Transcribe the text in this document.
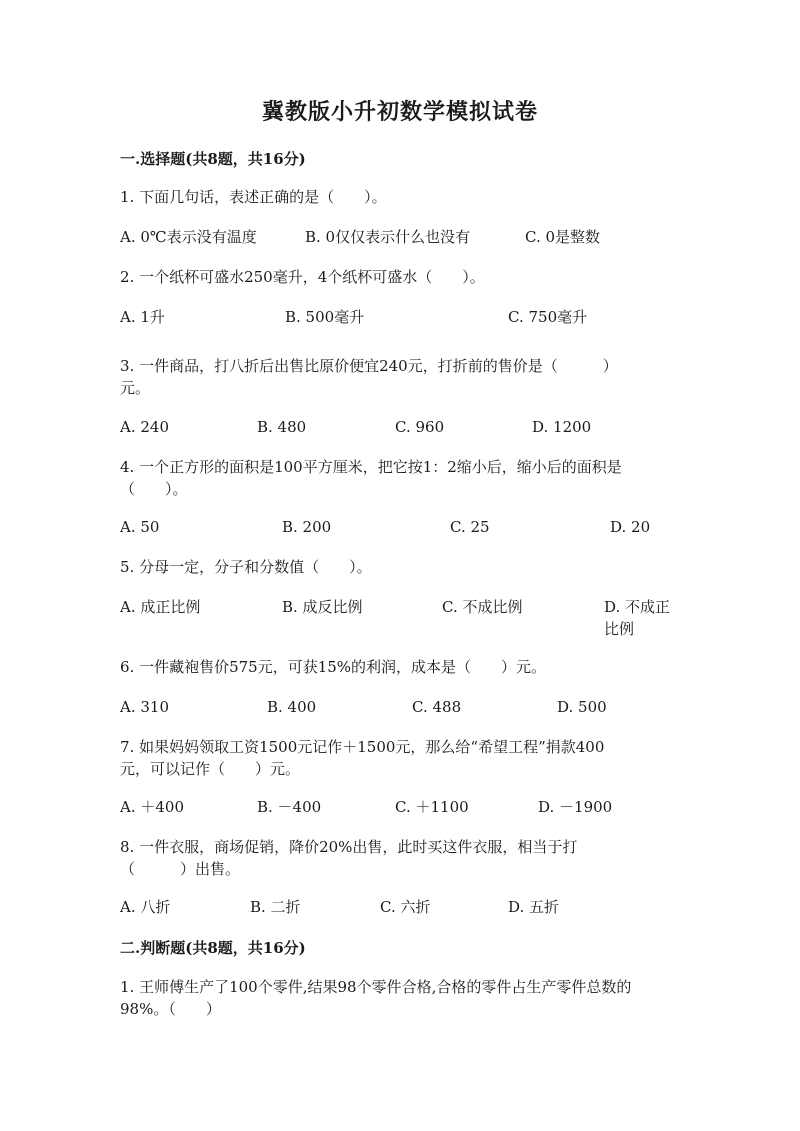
冀教版小升初数学模拟试卷
一.选择题(共8题，共16分)
1. 下面几句话，表述正确的是（　　）。
A. 0℃表示没有温度	B. 0仅仅表示什么也没有	C. 0是整数
2. 一个纸杯可盛水250毫升，4个纸杯可盛水（　　）。
A. 1升	B. 500毫升	C. 750毫升
3. 一件商品，打八折后出售比原价便宜240元，打折前的售价是（　　　）
元。
A. 240	B. 480	C. 960	D. 1200
4. 一个正方形的面积是100平方厘米，把它按1：2缩小后，缩小后的面积是
（　　）。
A. 50	B. 200	C. 25	D. 20
5. 分母一定，分子和分数值（　　）。
A. 成正比例	B. 成反比例	C. 不成比例	D. 不成正比例
6. 一件藏袍售价575元，可获15%的利润，成本是（　　）元。
A. 310	B. 400	C. 488	D. 500
7. 如果妈妈领取工资1500元记作＋1500元，那么给“希望工程”捐款400
元，可以记作（　　）元。
A. ＋400	B. －400	C. ＋1100	D. －1900
8. 一件衣服，商场促销，降价20%出售，此时买这件衣服，相当于打
（　　　）出售。
A. 八折	B. 二折	C. 六折	D. 五折
二.判断题(共8题，共16分)
1. 王师傅生产了100个零件,结果98个零件合格,合格的零件占生产零件总数的
98%。（　　）
